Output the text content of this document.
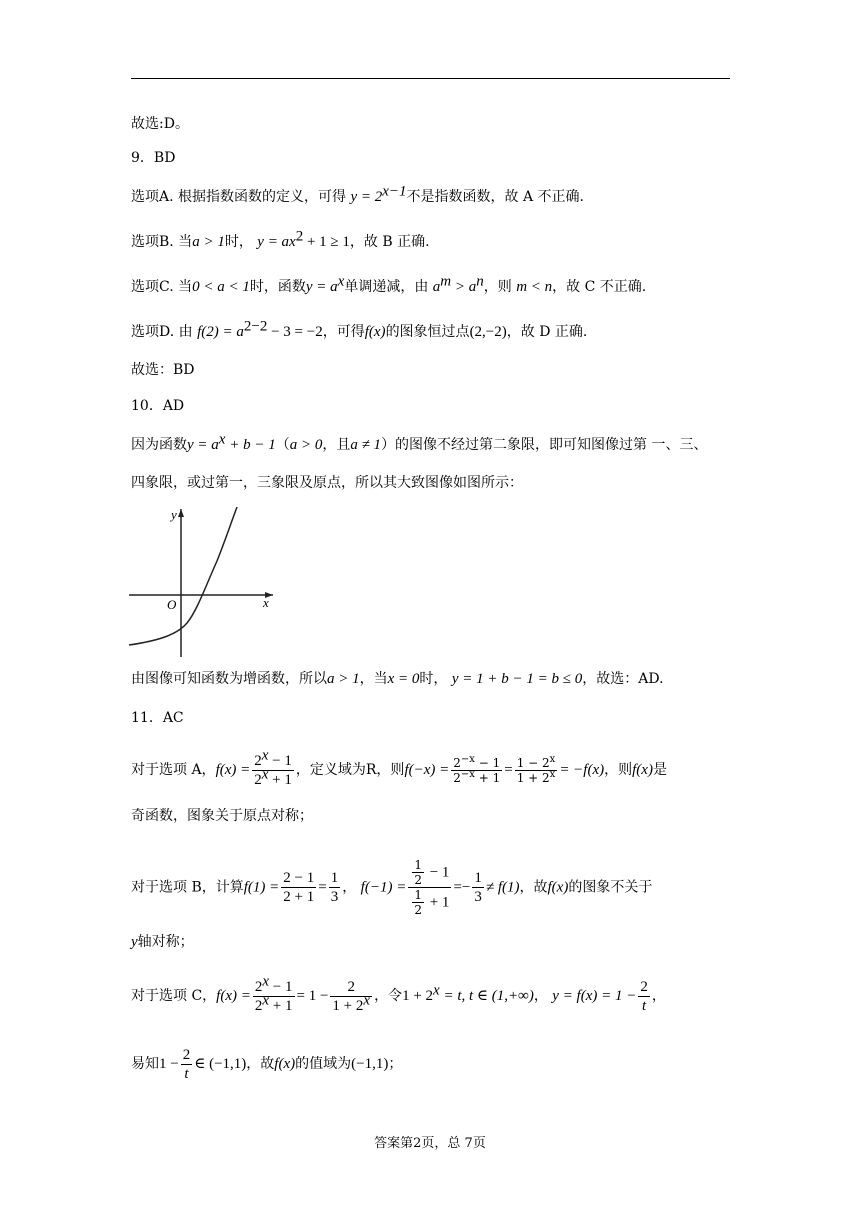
故选:D。
9．BD
选项A. 根据指数函数的定义，可得 $y = 2^{x-1}$不是指数函数，故 A 不正确.
选项B. 当a > 1时， $y = ax^2 + 1 \ge 1$，故 B 正确.
选项C. 当0 < a < 1时，函数$y = a^x$单调递减，由 $a^m > a^n$，则 m < n，故 C 不正确.
选项D. 由 $f(2) = a^{2-2} - 3 = -2$，可得f(x)的图象恒过点(2,−2)，故 D 正确.
故选：BD
10．AD
因为函数$y = a^x + b - 1(a > 0$，且a ≠ 1）的图像不经过第二象限，即可知图像过第 一、三、
四象限，或过第一，三象限及原点，所以其大致图像如图所示：
y
x
O
由图像可知函数为增函数，所以a > 1，当x = 0时， y = 1 + b − 1 = b ≤ 0，故选：AD.
11．AC
对于选项 A，$f(x) = \frac{2^x - 1}{2^x + 1}$ ，定义域为R，则$f(-x) = \frac{2^{-x} - 1}{2^{-x} + 1} = \frac{1 - 2^x}{1 + 2^x} = -f(x)$，则f(x)是
奇函数，图象关于原点对称；
对于选项 B，计算$f(1) = \frac{2 - 1}{2 + 1} = \frac{1}{3}$ ， $f(-1) = \frac{\frac{1}{2} - 1}{\frac{1}{2} + 1} =- \frac{1}{3} \ne f(1)$，故f(x)的图象不关于
y轴对称；
对于选项 C，$f(x) = \frac{2^x - 1}{2^x + 1} = 1 - \frac{2}{1 + 2^x}$ ，令$1 + 2^x = t$, t ∈ (1,+∞)， $y = f(x) = 1 - \frac{2}{t}$ ，
易知$1 - \frac{2}{t}$ ∈ (−1,1)，故f(x)的值域为(−1,1)；
答案第2页，总 7页
